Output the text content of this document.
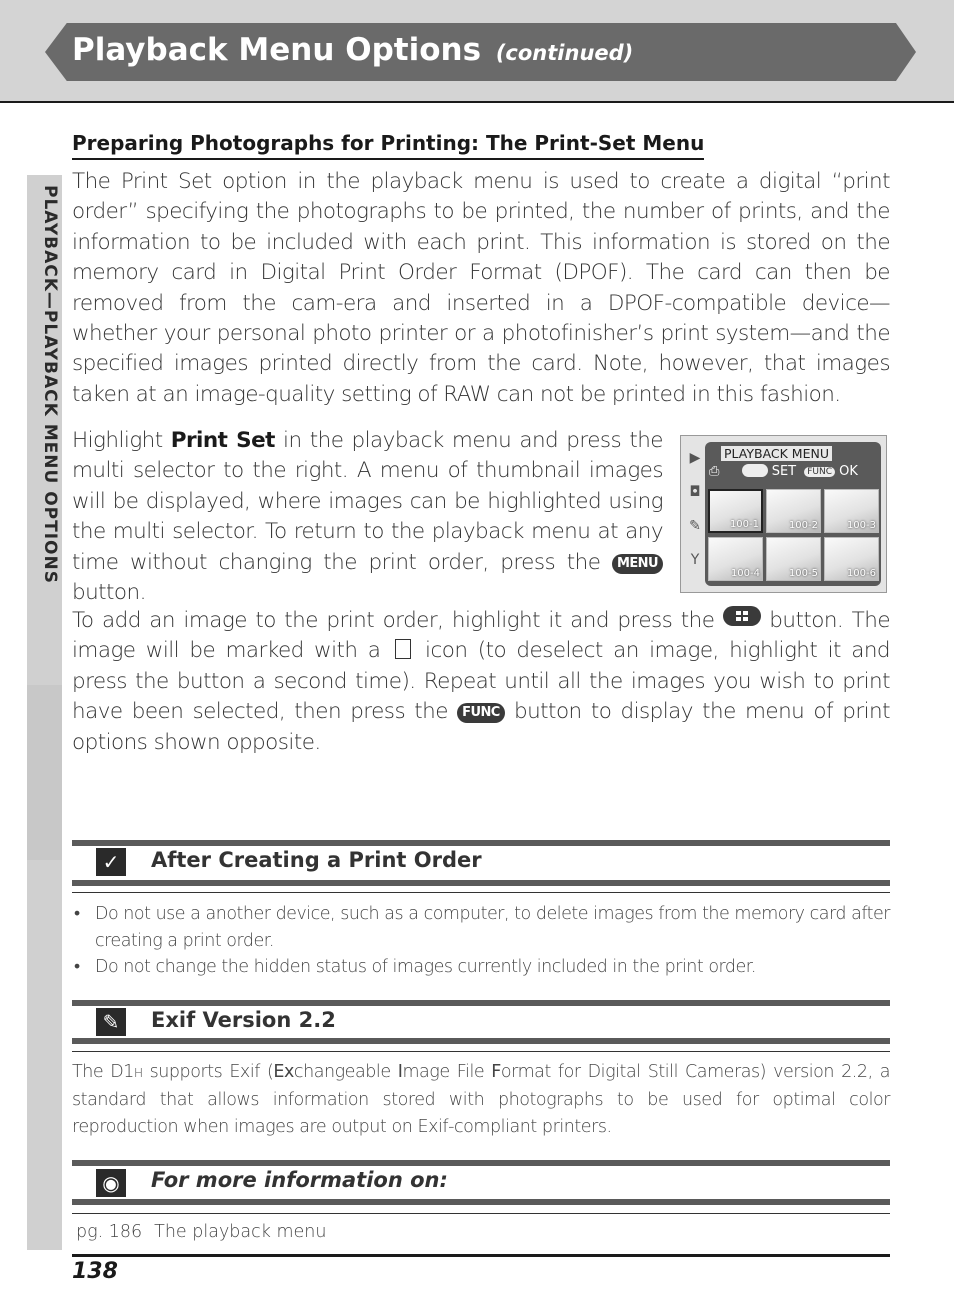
Playback Menu Options (continued)
PLAYBACK—PLAYBACK MENU OPTIONS
Preparing Photographs for Printing: The Print-Set Menu
The Print Set option in the playback menu is used to create a digital “print order” specifying the photographs to be printed, the number of prints, and the information to be included with each print. This information is stored on the memory card in Digital Print Order Format (DPOF). The card can then be removed from the cam-era and inserted in a DPOF-compatible device—whether your personal photo printer or a photofinisher’s print system—and the specified images printed directly from the card. Note, however, that images taken at an image-quality setting of RAW can not be printed in this fashion.
Highlight Print Set in the playback menu and press the multi selector to the right. A menu of thumbnail images will be displayed, where images can be highlighted using the multi selector. To return to the playback menu at any time without changing the print order, press the MENU button.
▶
◘
✎
Y
PLAYBACK MENU
⎙	SET FUNC OK
100-1	100-2	100-3
100-4	100-5	100-6
To add an image to the print order, highlight it and press the  button. The image will be marked with a  icon (to deselect an image, highlight it and press the button a second time). Repeat until all the images you wish to print have been selected, then press the FUNC button to display the menu of print options shown opposite.
✓	After Creating a Print Order
• Do not use a another device, such as a computer, to delete images from the memory card after creating a print order.
• Do not change the hidden status of images currently included in the print order.
✎	Exif Version 2.2
The D1H supports Exif (Exchangeable Image File Format for Digital Still Cameras) version 2.2, a standard that allows information stored with photographs to be used for optimal color reproduction when images are output on Exif-compliant printers.
◉ For more information on:
pg. 186 The playback menu
138
